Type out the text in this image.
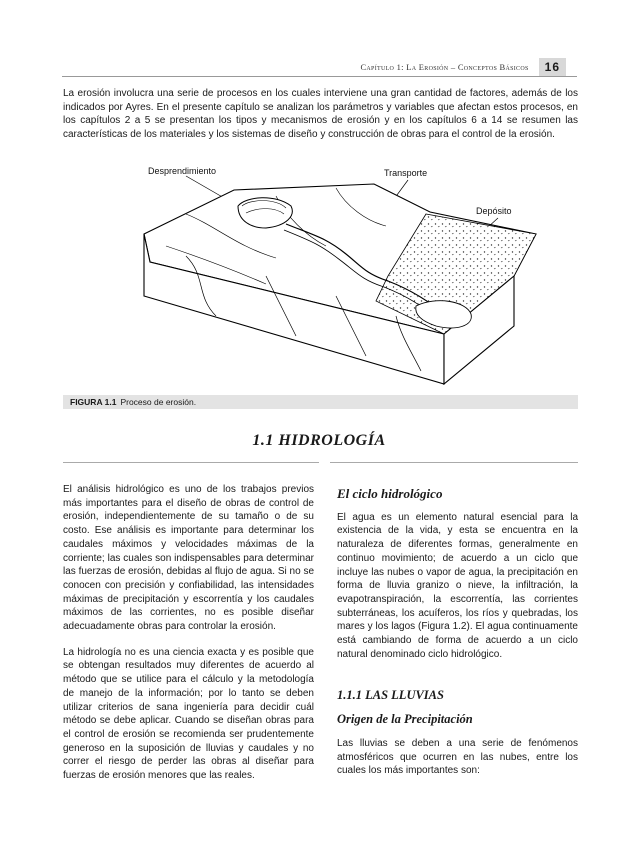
Capítulo 1: La Erosión – Conceptos Básicos	16
La erosión involucra una serie de procesos en los cuales interviene una gran cantidad de factores, además de los indicados por Ayres. En el presente capítulo se analizan los parámetros y variables que afectan estos procesos, en los capítulos 2 a 5 se presentan los tipos y mecanismos de erosión y en los capítulos 6 a 14 se resumen las características de los materiales y los sistemas de diseño y construcción de obras para el control de la erosión.
Desprendimiento	Transporte
Depósito
FIGURA 1.1 Proceso de erosión.
1.1 HIDROLOGÍA

El análisis hidrológico es uno de los trabajos previos más importantes para el diseño de obras de control de erosión, independientemente de su tamaño o de su costo. Ese análisis es importante para determinar los caudales máximos y velocidades máximas de la corriente; las cuales son indispensables para determinar las fuerzas de erosión, debidas al flujo de agua. Si no se conocen con precisión y confiabilidad, las intensidades máximas de precipitación y escorrentía y los caudales máximos de las corrientes, no es posible diseñar adecuadamente obras para controlar la erosión.

La hidrología no es una ciencia exacta y es posible que se obtengan resultados muy diferentes de acuerdo al método que se utilice para el cálculo y la metodología de manejo de la información; por lo tanto se deben utilizar criterios de sana ingeniería para decidir cuál método se debe aplicar. Cuando se diseñan obras para el control de erosión se recomienda ser prudentemente generoso en la suposición de lluvias y caudales y no correr el riesgo de perder las obras al diseñar para fuerzas de erosión menores que las reales.

El ciclo hidrológico

El agua es un elemento natural esencial para la existencia de la vida, y esta se encuentra en la naturaleza de diferentes formas, generalmente en continuo movimiento; de acuerdo a un ciclo que incluye las nubes o vapor de agua, la precipitación en forma de lluvia granizo o nieve, la infiltración, la evapotranspiración, la escorrentía, las corrientes subterráneas, los acuíferos, los ríos y quebradas, los mares y los lagos (Figura 1.2). El agua continuamente está cambiando de forma de acuerdo a un ciclo natural denominado ciclo hidrológico.

1.1.1 LAS LLUVIAS
Origen de la Precipitación

Las lluvias se deben a una serie de fenómenos atmosféricos que ocurren en las nubes, entre los cuales los más importantes son:
